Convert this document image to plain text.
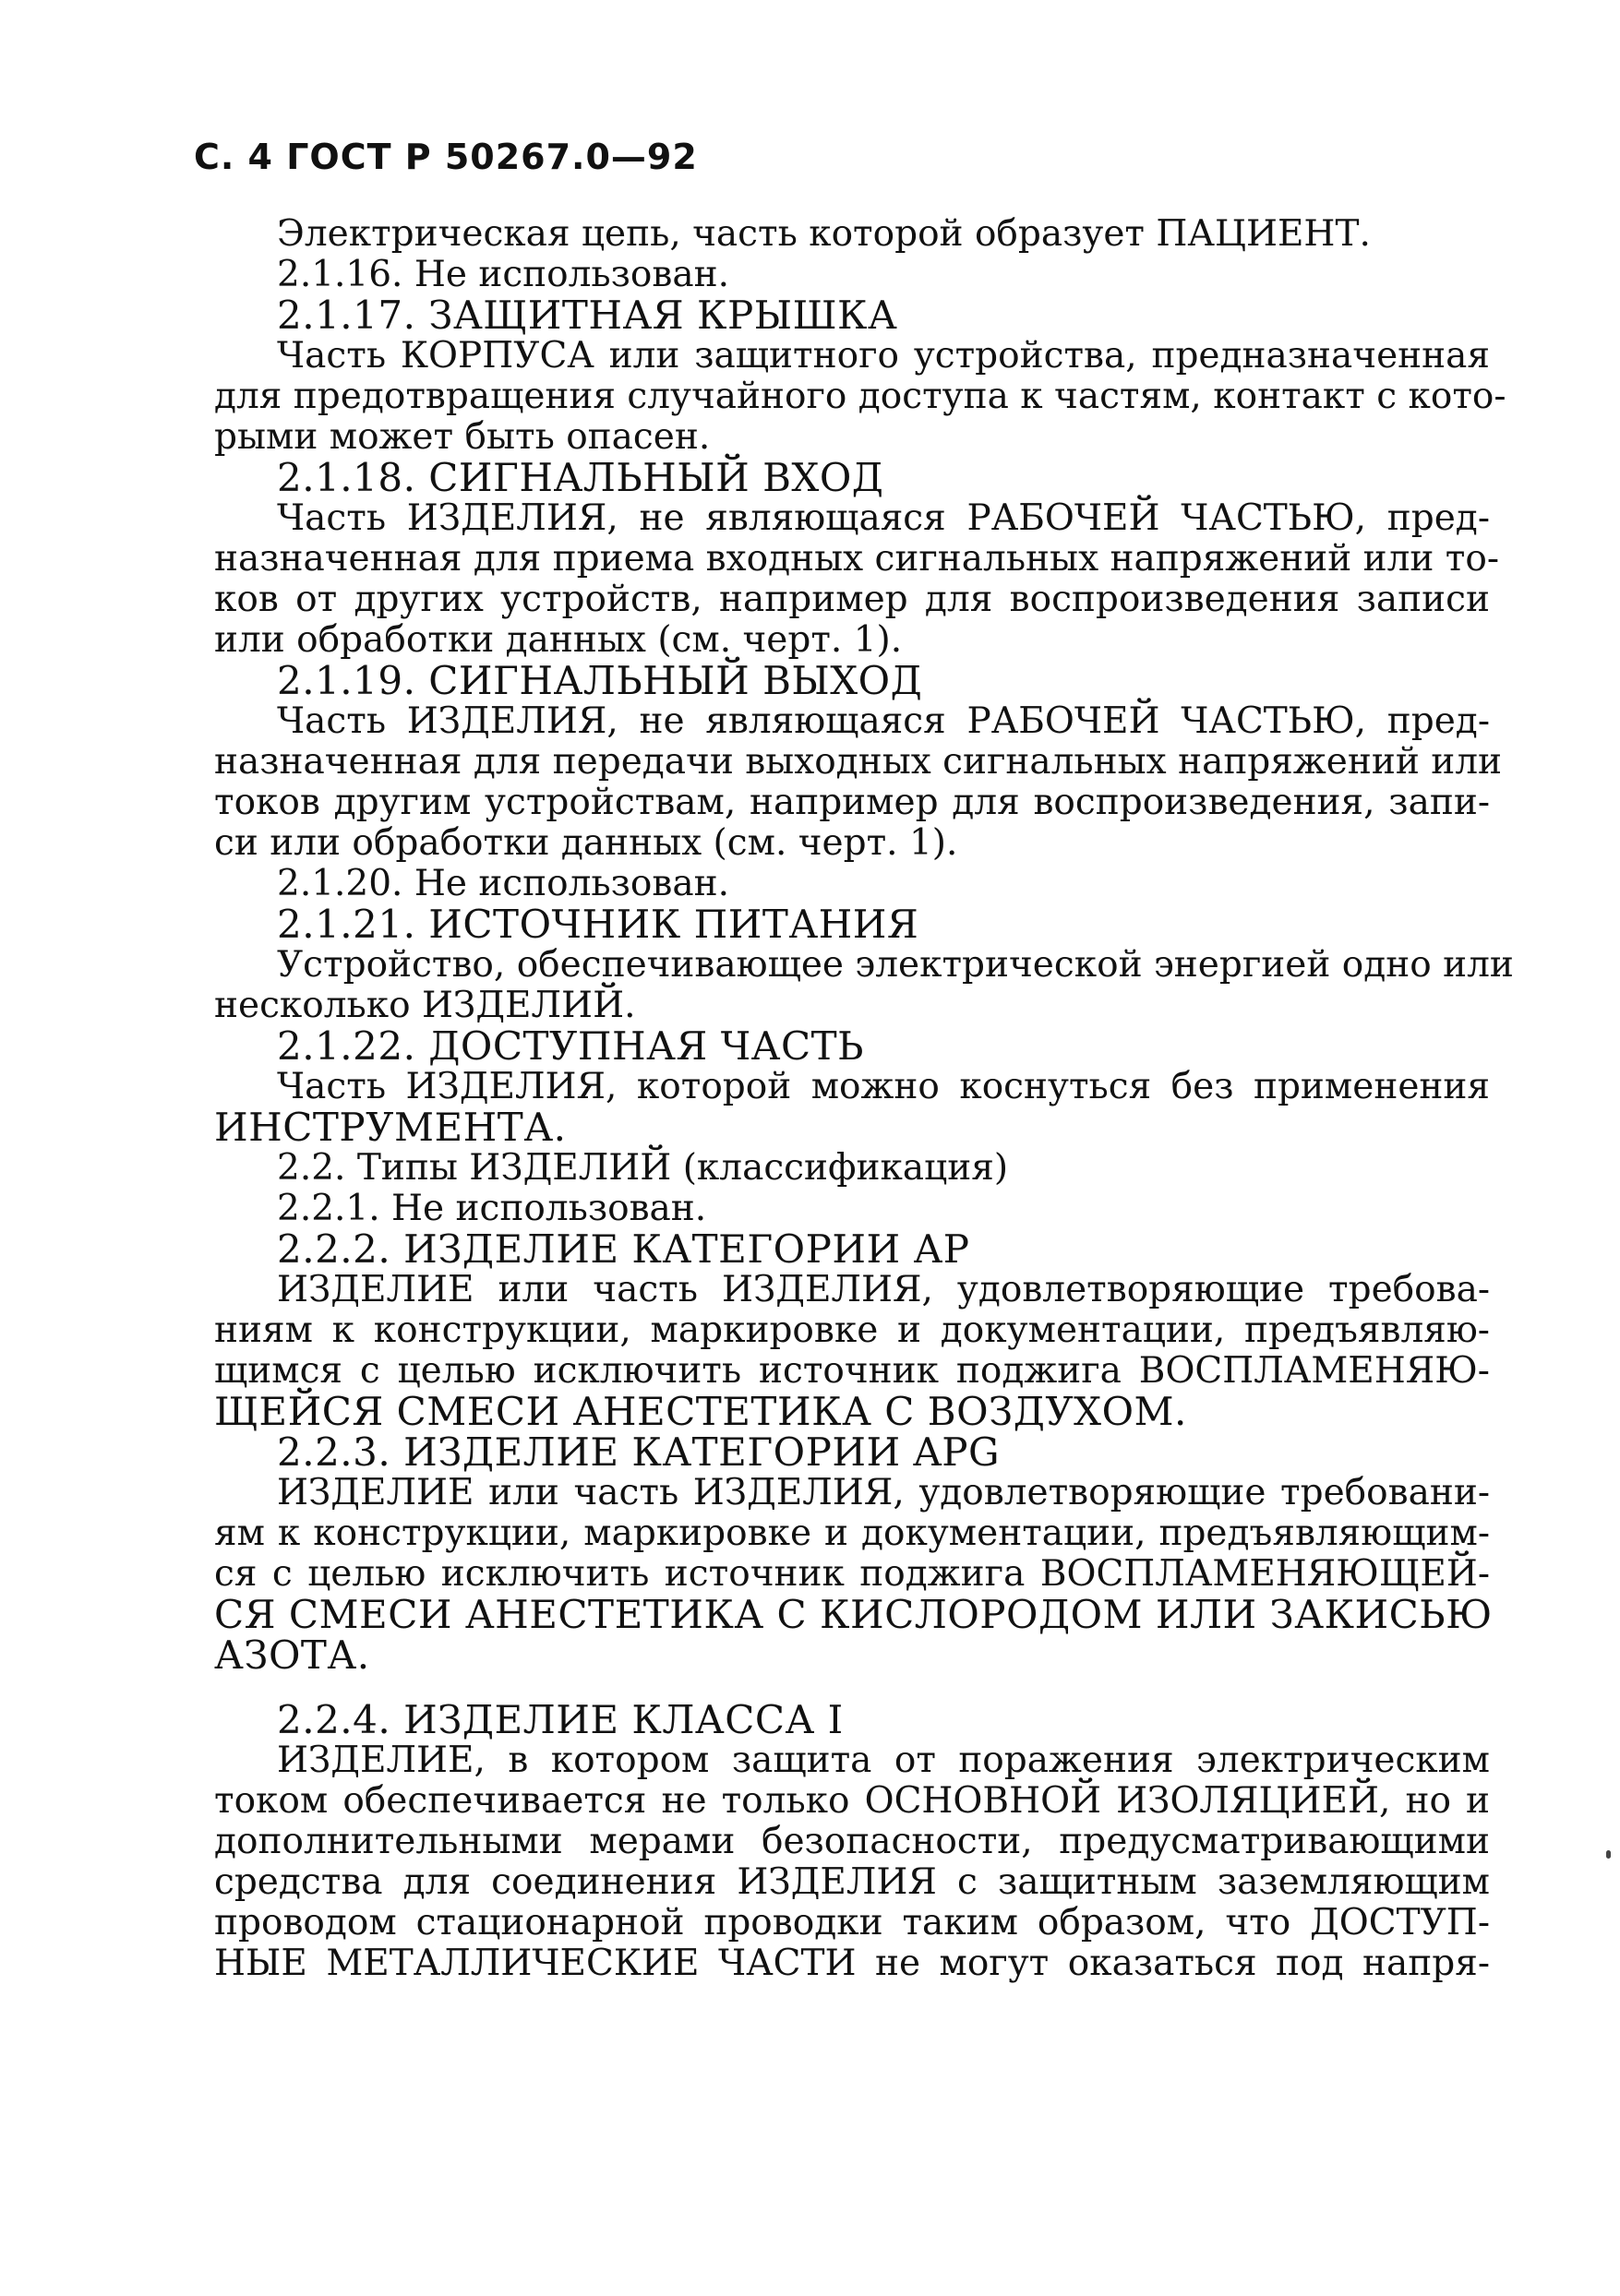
С. 4 ГОСТ Р 50267.0—92
Электрическая цепь, часть которой образует ПАЦИЕНТ.
2.1.16. Не использован.
2.1.17. ЗАЩИТНАЯ КРЫШКА
Часть КОРПУСА или защитного устройства, предназначенная
для предотвращения случайного доступа к частям, контакт с кото-
рыми может быть опасен.
2.1.18. СИГНАЛЬНЫЙ ВХОД
Часть ИЗДЕЛИЯ, не являющаяся РАБОЧЕЙ ЧАСТЬЮ, пред-
назначенная для приема входных сигнальных напряжений или то-
ков от других устройств, например для воспроизведения записи
или обработки данных (см. черт. 1).
2.1.19. СИГНАЛЬНЫЙ ВЫХОД
Часть ИЗДЕЛИЯ, не являющаяся РАБОЧЕЙ ЧАСТЬЮ, пред-
назначенная для передачи выходных сигнальных напряжений или
токов другим устройствам, например для воспроизведения, запи-
си или обработки данных (см. черт. 1).
2.1.20. Не использован.
2.1.21. ИСТОЧНИК ПИТАНИЯ
Устройство, обеспечивающее электрической энергией одно или
несколько ИЗДЕЛИЙ.
2.1.22. ДОСТУПНАЯ ЧАСТЬ
Часть ИЗДЕЛИЯ, которой можно коснуться без применения
ИНСТРУМЕНТА.
2.2. Типы ИЗДЕЛИЙ (классификация)
2.2.1. Не использован.
2.2.2. ИЗДЕЛИЕ КАТЕГОРИИ АР
ИЗДЕЛИЕ или часть ИЗДЕЛИЯ, удовлетворяющие требова-
ниям к конструкции, маркировке и документации, предъявляю-
щимся с целью исключить источник поджига ВОСПЛАМЕНЯЮ-
ЩЕЙСЯ СМЕСИ АНЕСТЕТИКА С ВОЗДУХОМ.
2.2.3. ИЗДЕЛИЕ КАТЕГОРИИ APG
ИЗДЕЛИЕ или часть ИЗДЕЛИЯ, удовлетворяющие требовани-
ям к конструкции, маркировке и документации, предъявляющим-
ся с целью исключить источник поджига ВОСПЛАМЕНЯЮЩЕЙ-
СЯ СМЕСИ АНЕСТЕТИКА С КИСЛОРОДОМ ИЛИ ЗАКИСЬЮ
АЗОТА.
2.2.4. ИЗДЕЛИЕ КЛАССА I
ИЗДЕЛИЕ, в котором защита от поражения электрическим
током обеспечивается не только ОСНОВНОЙ ИЗОЛЯЦИЕЙ, но и
дополнительными мерами безопасности, предусматривающими
средства для соединения ИЗДЕЛИЯ с защитным заземляющим
проводом стационарной проводки таким образом, что ДОСТУП-
НЫЕ МЕТАЛЛИЧЕСКИЕ ЧАСТИ не могут оказаться под напря-
